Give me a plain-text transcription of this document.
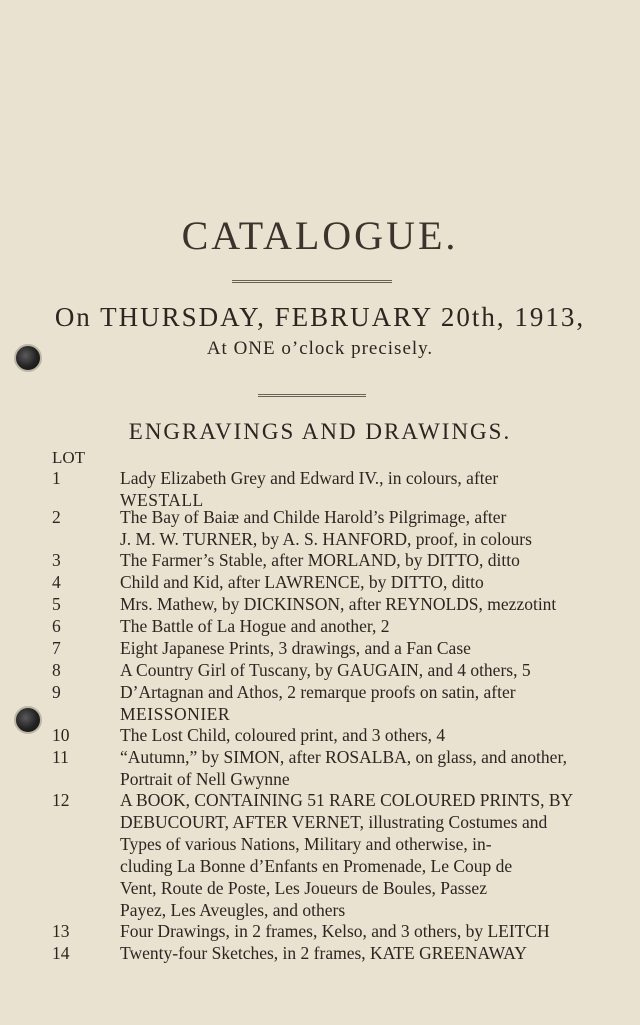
CATALOGUE.
On THURSDAY, FEBRUARY 20th, 1913,
At ONE o’clock precisely.
ENGRAVINGS AND DRAWINGS.
LOT
1	Lady Elizabeth Grey and Edward IV., in colours, after
WESTALL
2	The Bay of Baiæ and Childe Harold’s Pilgrimage, after
J. M. W. TURNER, by A. S. HANFORD, proof, in colours
3	The Farmer’s Stable, after MORLAND, by DITTO, ditto
4	Child and Kid, after LAWRENCE, by DITTO, ditto
5	Mrs. Mathew, by DICKINSON, after REYNOLDS, mezzotint
6	The Battle of La Hogue and another, 2
7	Eight Japanese Prints, 3 drawings, and a Fan Case
8	A Country Girl of Tuscany, by GAUGAIN, and 4 others, 5
9	D’Artagnan and Athos, 2 remarque proofs on satin, after
MEISSONIER
10	The Lost Child, coloured print, and 3 others, 4
11	“Autumn,” by SIMON, after ROSALBA, on glass, and another,
Portrait of Nell Gwynne
12	A BOOK, CONTAINING 51 RARE COLOURED PRINTS, BY
DEBUCOURT, AFTER VERNET, illustrating Costumes and
Types of various Nations, Military and otherwise, in-
cluding La Bonne d’Enfants en Promenade, Le Coup de
Vent, Route de Poste, Les Joueurs de Boules, Passez
Payez, Les Aveugles, and others
13	Four Drawings, in 2 frames, Kelso, and 3 others, by LEITCH
14	Twenty-four Sketches, in 2 frames, KATE GREENAWAY
